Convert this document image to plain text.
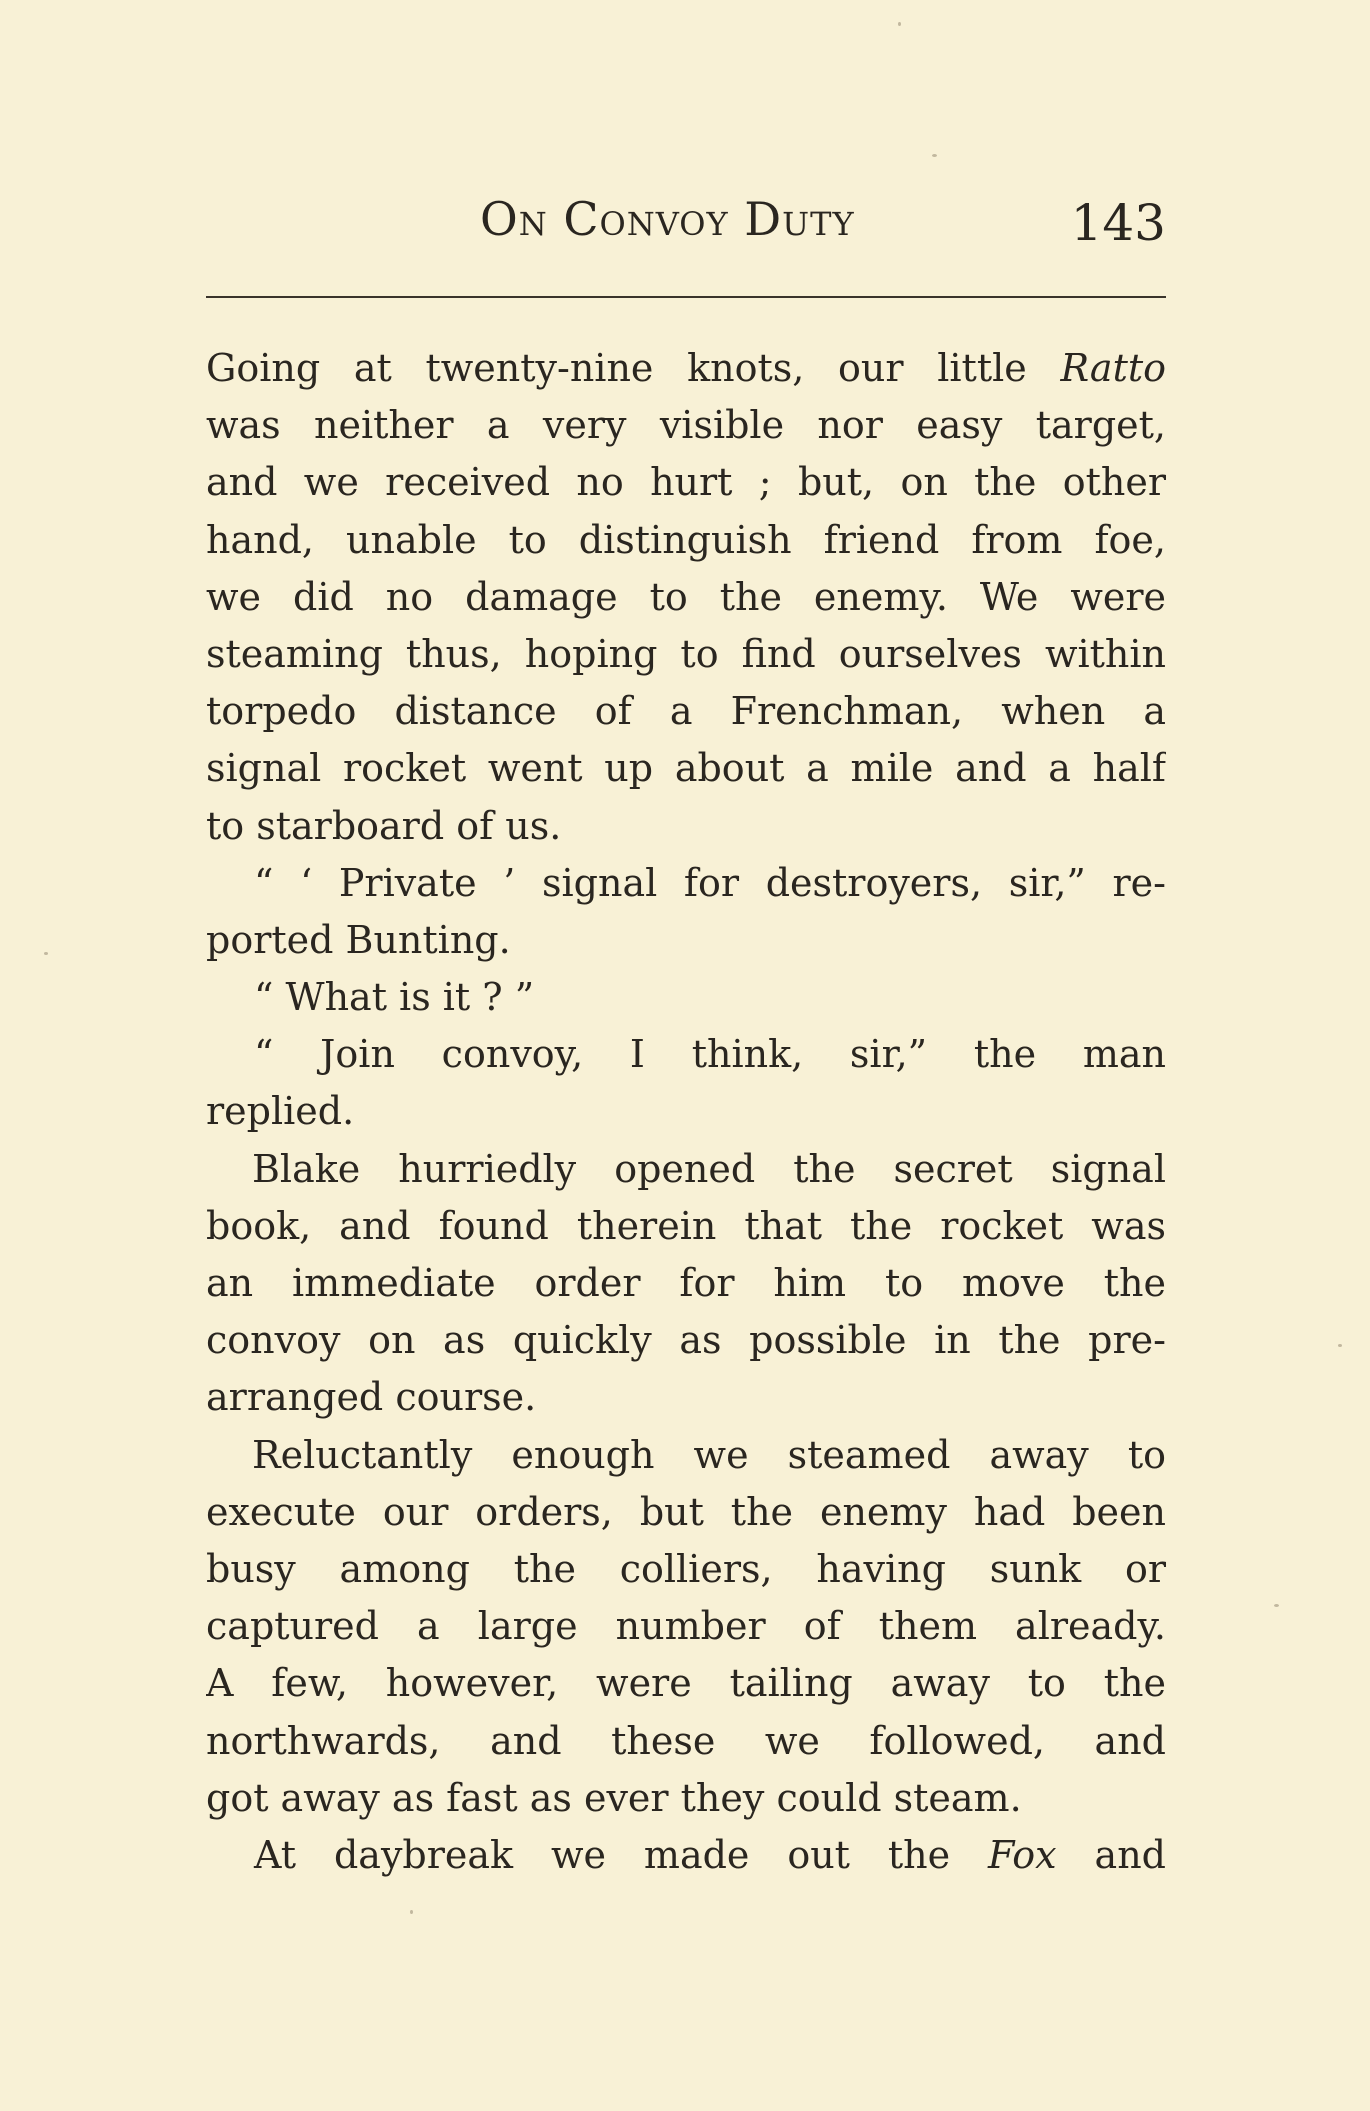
On Convoy Duty	143
Going at twenty-nine knots, our little Ratto
was neither a very visible nor easy target,
and we received no hurt ; but, on the other
hand, unable to distinguish friend from foe,
we did no damage to the enemy. We were
steaming thus, hoping to find ourselves within
torpedo distance of a Frenchman, when a
signal rocket went up about a mile and a half
to starboard of us.
“ ‘ Private ’ signal for destroyers, sir,” re-
ported Bunting.
“ What is it ? ”
“ Join convoy, I think, sir,” the man
replied.
Blake hurriedly opened the secret signal
book, and found therein that the rocket was
an immediate order for him to move the
convoy on as quickly as possible in the pre-
arranged course.
Reluctantly enough we steamed away to
execute our orders, but the enemy had been
busy among the colliers, having sunk or
captured a large number of them already.
A few, however, were tailing away to the
northwards, and these we followed, and
got away as fast as ever they could steam.
At daybreak we made out the Fox and
